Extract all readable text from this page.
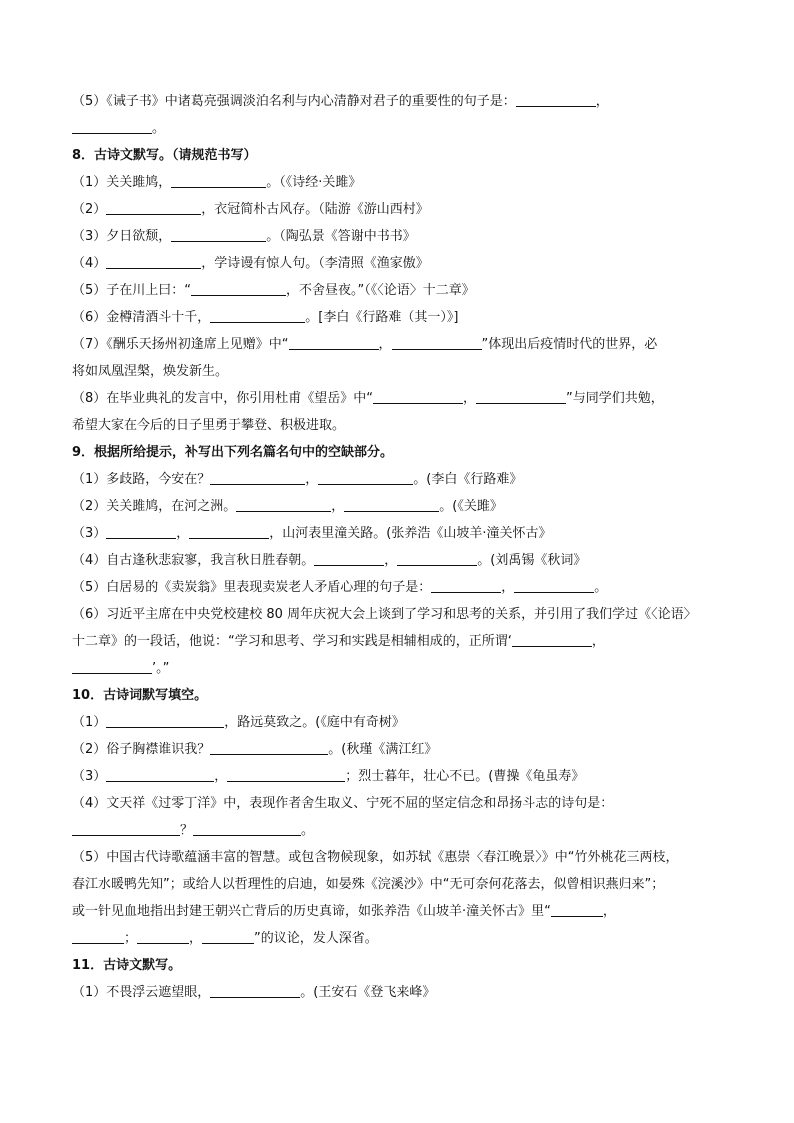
（5）《诫子书》中诸葛亮强调淡泊名利与内心清静对君子的重要性的句子是：	，
。
8．古诗文默写。（请规范书写）
（1）关关雎鸠，	。（《诗经·关雎》
（2）	，衣冠简朴古风存。（陆游《游山西村》
（3）夕日欲颓，	。（陶弘景《答谢中书书》
（4）	，学诗谩有惊人句。（李清照《渔家傲》
（5）子在川上曰：“	，不舍昼夜。”（《〈论语〉十二章》
（6）金樽清酒斗十千，	。[李白《行路难（其一）》]
（7）《酬乐天扬州初逢席上见赠》中“	，	”体现出后疫情时代的世界，必
将如凤凰涅槃，焕发新生。
（8）在毕业典礼的发言中，你引用杜甫《望岳》中“	，	”与同学们共勉，
希望大家在今后的日子里勇于攀登、积极进取。
9．根据所给提示，补写出下列名篇名句中的空缺部分。
（1）多歧路，今安在？	，	。(李白《行路难》
（2）关关雎鸠，在河之洲。	，	。(《关雎》
（3）	，	，山河表里潼关路。(张养浩《山坡羊·潼关怀古》
（4）自古逢秋悲寂寥，我言秋日胜春朝。	，	。(刘禹锡《秋词》
（5）白居易的《卖炭翁》里表现卖炭老人矛盾心理的句子是：	，	。
（6）习近平主席在中央党校建校 80 周年庆祝大会上谈到了学习和思考的关系，并引用了我们学过《〈论语〉
十二章》的一段话，他说：“学习和思考、学习和实践是相辅相成的，正所谓‘	，
’。”
10．古诗词默写填空。
（1）	，路远莫致之。(《庭中有奇树》
（2）俗子胸襟谁识我？	。(秋瑾《满江红》
（3）	，	；烈士暮年，壮心不已。(曹操《龟虽寿》
（4）文天祥《过零丁洋》中，表现作者舍生取义、宁死不屈的坚定信念和昂扬斗志的诗句是：
？	。
（5）中国古代诗歌蕴涵丰富的智慧。或包含物候现象，如苏轼《惠崇〈春江晚景〉》中“竹外桃花三两枝，
春江水暖鸭先知”；或给人以哲理性的启迪，如晏殊《浣溪沙》中“无可奈何花落去，似曾相识燕归来”；
或一针见血地指出封建王朝兴亡背后的历史真谛，如张养浩《山坡羊·潼关怀古》里“	，
；	，	”的议论，发人深省。
11．古诗文默写。
（1）不畏浮云遮望眼，	。(王安石《登飞来峰》
